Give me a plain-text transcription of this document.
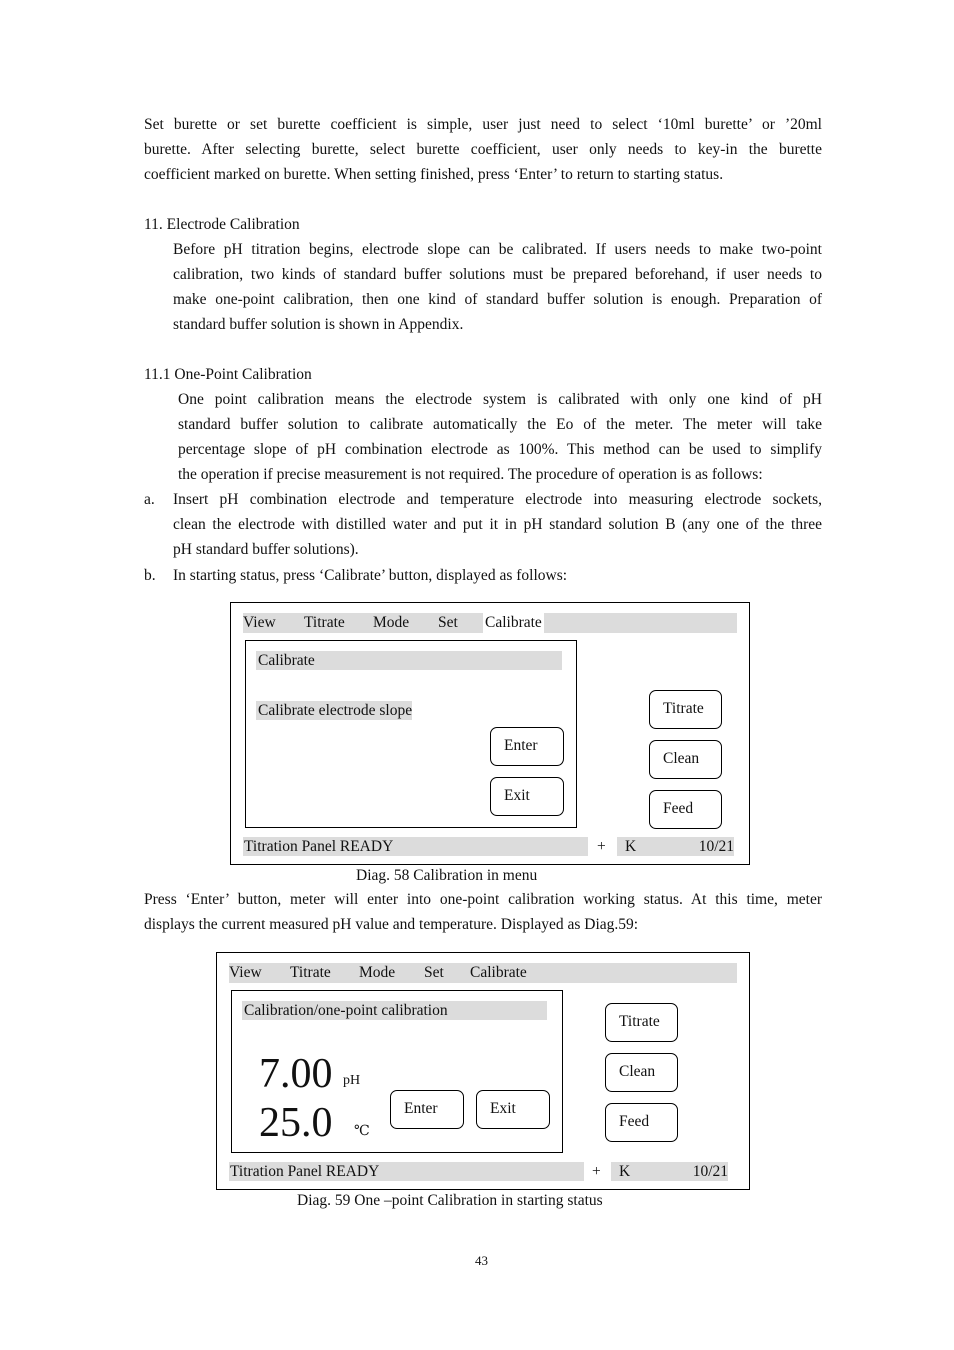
Set burette or set burette coefficient is simple, user just need to select ‘10ml burette’ or ’20ml
burette. After selecting burette, select burette coefficient, user only needs to key-in the burette
coefficient marked on burette. When setting finished, press ‘Enter’ to return to starting status.
11. Electrode Calibration
Before pH titration begins, electrode slope can be calibrated. If users needs to make two-point
calibration, two kinds of standard buffer solutions must be prepared beforehand, if user needs to
make one-point calibration, then one kind of standard buffer solution is enough. Preparation of
standard buffer solution is shown in Appendix.
11.1 One-Point Calibration
One point calibration means the electrode system is calibrated with only one kind of pH
standard buffer solution to calibrate automatically the Eo of the meter. The meter will take
percentage slope of pH combination electrode as 100%. This method can be used to simplify
the operation if precise measurement is not required. The procedure of operation is as follows:
a. Insert pH combination electrode and temperature electrode into measuring electrode sockets,
clean the electrode with distilled water and put it in pH standard solution B (any one of the three
pH standard buffer solutions).
b. In starting status, press ‘Calibrate’ button, displayed as follows:
View Titrate Mode Set Calibrate
Calibrate
Calibrate electrode slope
Enter
Exit
Titrate
Clean
Feed
Titration Panel READY	+ K	10/21
Diag. 58 Calibration in menu
Press ‘Enter’ button, meter will enter into one-point calibration working status. At this time, meter
displays the current measured pH value and temperature. Displayed as Diag.59:
View Titrate Mode Set Calibrate
Calibration/one-point calibration
7.00 pH
25.0 ℃
Enter	Exit
Titrate
Clean
Feed
Titration Panel READY	+ K	10/21
Diag. 59 One –point Calibration in starting status
43
